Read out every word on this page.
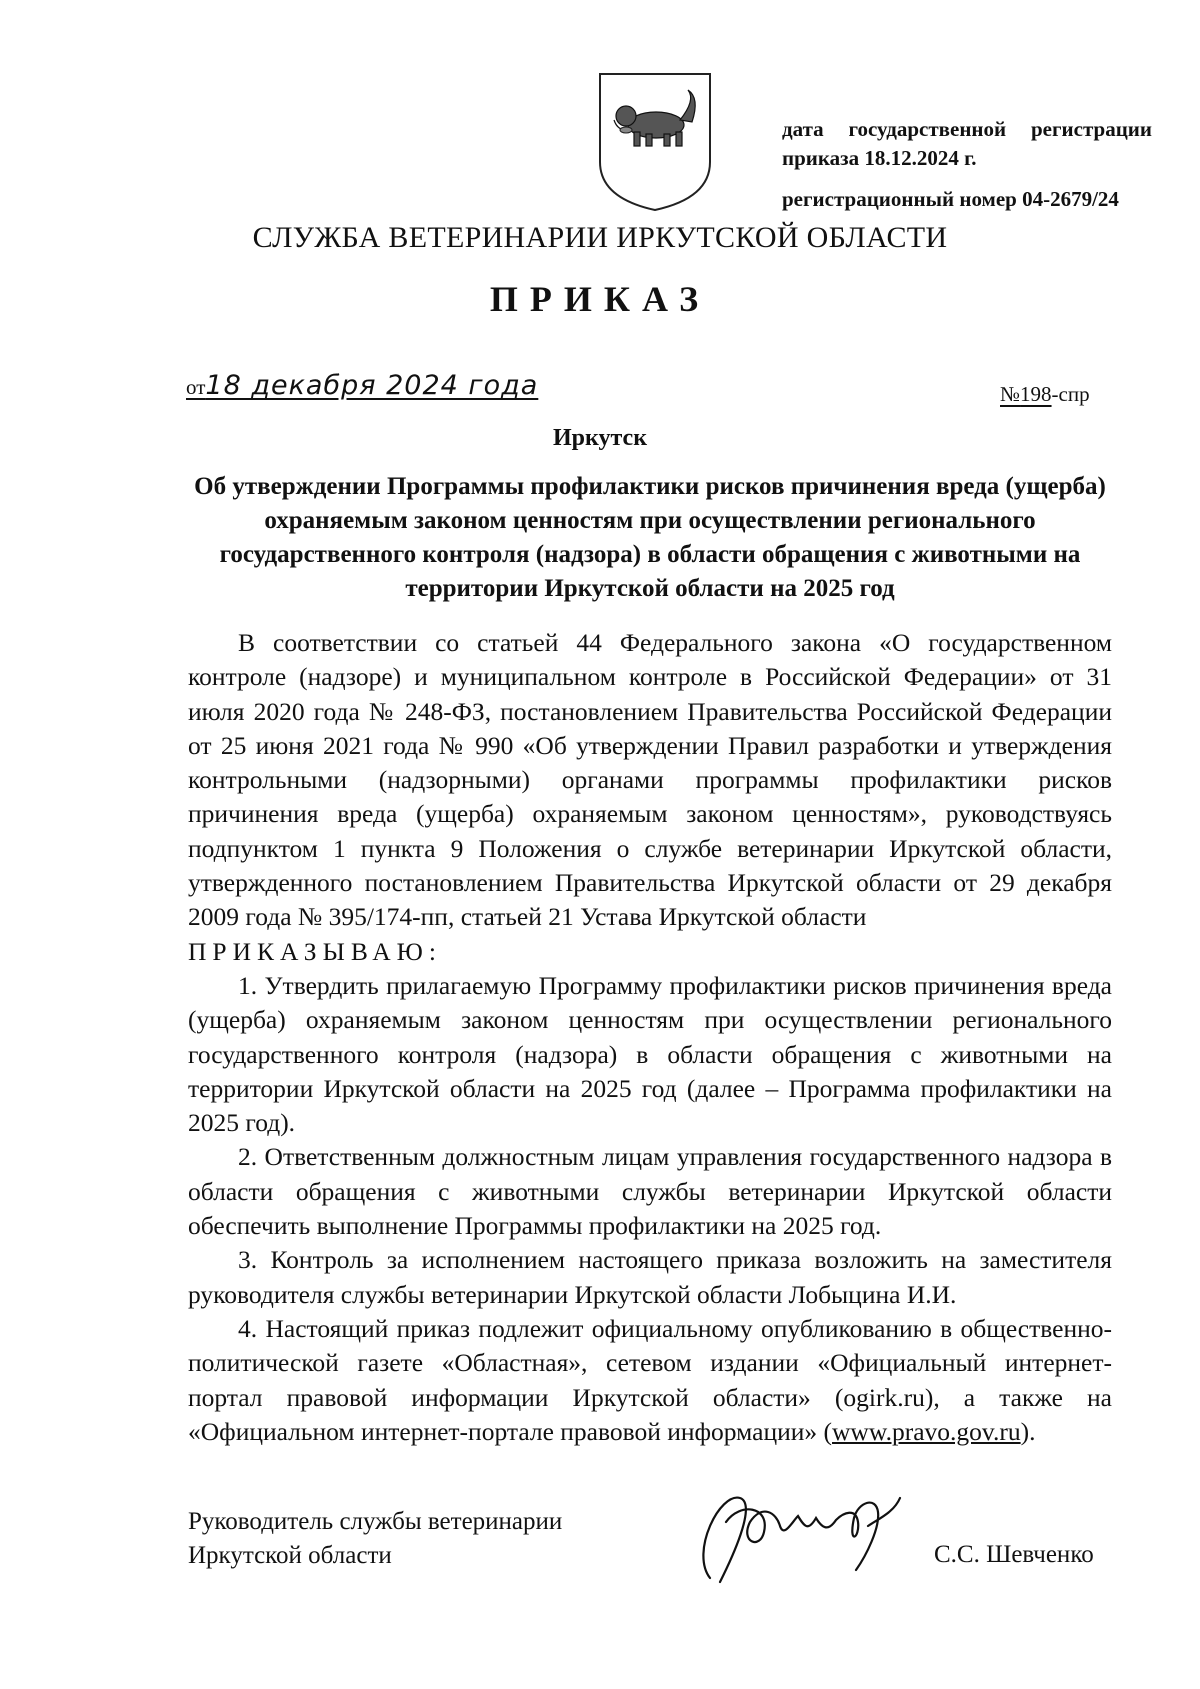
дата государственной регистрации
приказа 18.12.2024 г.
регистрационный номер 04-2679/24
СЛУЖБА ВЕТЕРИНАРИИ ИРКУТСКОЙ ОБЛАСТИ
ПРИКАЗ
от18 декабря 2024 года	№198-спр
Иркутск
Об утверждении Программы профилактики рисков причинения вреда (ущерба) охраняемым законом ценностям при осуществлении регионального государственного контроля (надзора) в области обращения с животными на территории Иркутской области на 2025 год

В соответствии со статьей 44 Федерального закона «О государственном контроле (надзоре) и муниципальном контроле в Российской Федерации» от 31 июля 2020 года № 248-ФЗ, постановлением Правительства Российской Федерации от 25 июня 2021 года № 990 «Об утверждении Правил разработки и утверждения контрольными (надзорными) органами программы профилактики рисков причинения вреда (ущерба) охраняемым законом ценностям», руководствуясь подпунктом 1 пункта 9 Положения о службе ветеринарии Иркутской области, утвержденного постановлением Правительства Иркутской области от 29 декабря 2009 года № 395/174-пп, статьей 21 Устава Иркутской области

ПРИКАЗЫВАЮ:

1. Утвердить прилагаемую Программу профилактики рисков причинения вреда (ущерба) охраняемым законом ценностям при осуществлении регионального государственного контроля (надзора) в области обращения с животными на территории Иркутской области на 2025 год (далее – Программа профилактики на 2025 год).

2. Ответственным должностным лицам управления государственного надзора в области обращения с животными службы ветеринарии Иркутской области обеспечить выполнение Программы профилактики на 2025 год.

3. Контроль за исполнением настоящего приказа возложить на заместителя руководителя службы ветеринарии Иркутской области Лобыцина И.И.

4. Настоящий приказ подлежит официальному опубликованию в общественно-политической газете «Областная», сетевом издании «Официальный интернет-портал правовой информации Иркутской области» (ogirk.ru), а также на «Официальном интернет-портале правовой информации» (www.pravo.gov.ru).

Руководитель службы ветеринарии
Иркутской области	С.С. Шевченко
